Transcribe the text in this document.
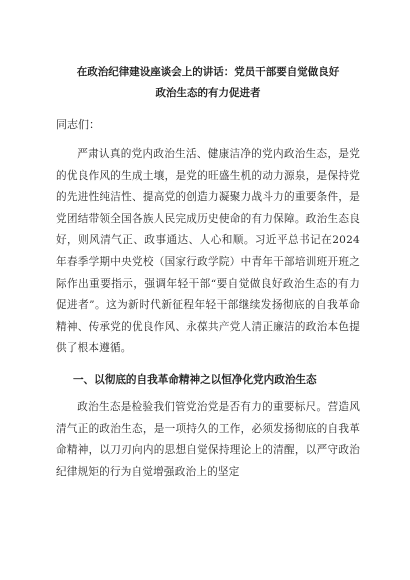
在政治纪律建设座谈会上的讲话：党员干部要自觉做良好
政治生态的有力促进者
同志们：

严肃认真的党内政治生活、健康洁净的党内政治生态，是党的优良作风的生成土壤，是党的旺盛生机的动力源泉，是保持党的先进性纯洁性、提高党的创造力凝聚力战斗力的重要条件，是党团结带领全国各族人民完成历史使命的有力保障。政治生态良好，则风清气正、政事通达、人心和顺。习近平总书记在2024年春季学期中央党校（国家行政学院）中青年干部培训班开班之际作出重要指示，强调年轻干部“要自觉做良好政治生态的有力促进者”。这为新时代新征程年轻干部继续发扬彻底的自我革命精神、传承党的优良作风、永葆共产党人清正廉洁的政治本色提供了根本遵循。

一、以彻底的自我革命精神之以恒净化党内政治生态

政治生态是检验我们管党治党是否有力的重要标尺。营造风清气正的政治生态，是一项持久的工作，必须发扬彻底的自我革命精神，以刀刃向内的思想自觉保持理论上的清醒，以严守政治纪律规矩的行为自觉增强政治上的坚定
